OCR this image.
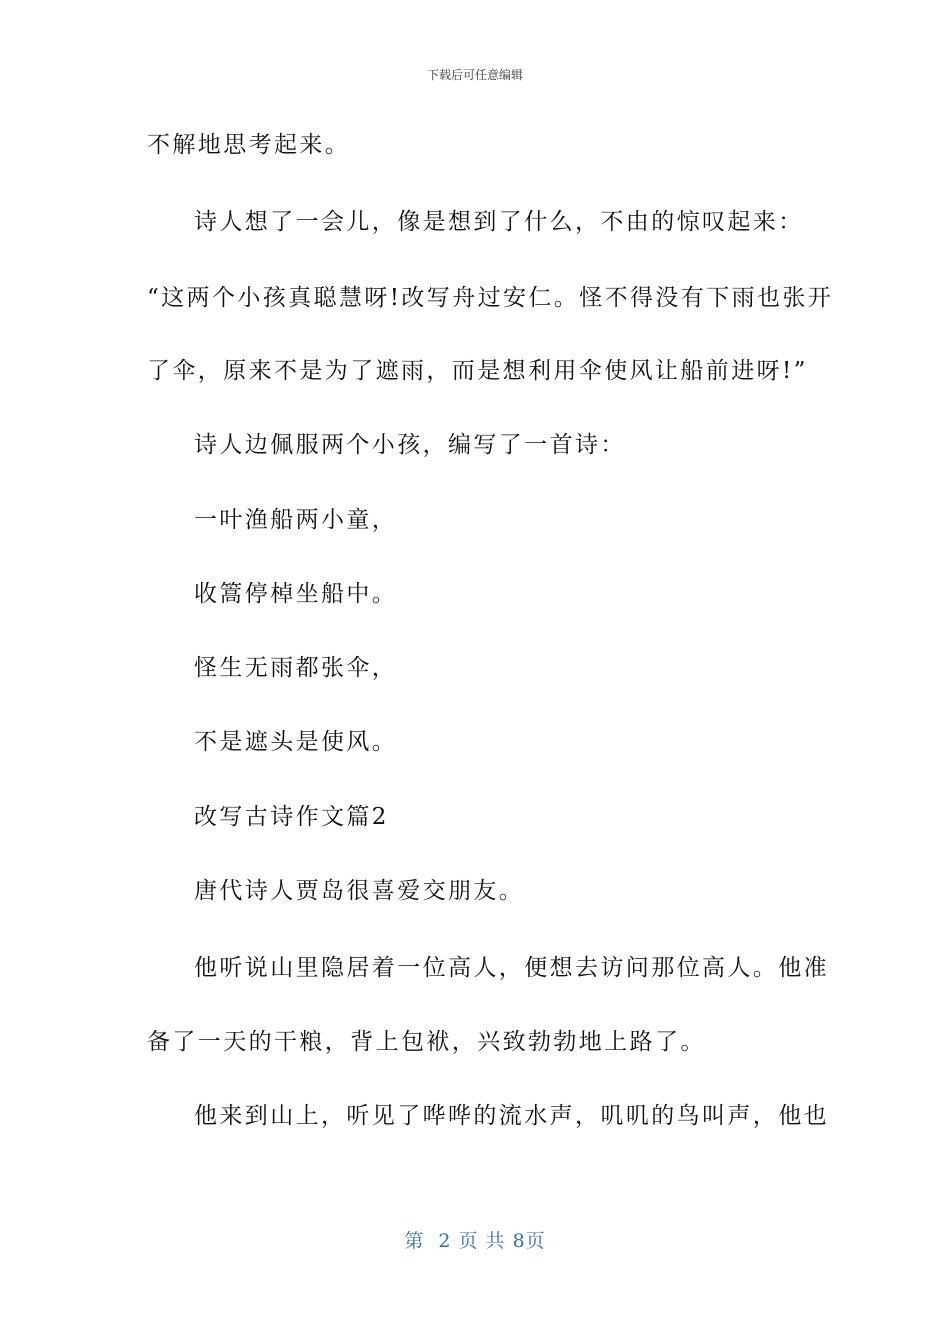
下载后可任意编辑
不解地思考起来。
诗人想了一会儿，像是想到了什么，不由的惊叹起来：
“这两个小孩真聪慧呀!改写舟过安仁。怪不得没有下雨也张开
了伞，原来不是为了遮雨，而是想利用伞使风让船前进呀!”
诗人边佩服两个小孩，编写了一首诗：
一叶渔船两小童，
收篙停棹坐船中。
怪生无雨都张伞，
不是遮头是使风。
改写古诗作文篇2
唐代诗人贾岛很喜爱交朋友。
他听说山里隐居着一位高人，便想去访问那位高人。他准
备了一天的干粮，背上包袱，兴致勃勃地上路了。
他来到山上，听见了哗哗的流水声，叽叽的鸟叫声，他也
第  2 页 共 8页
